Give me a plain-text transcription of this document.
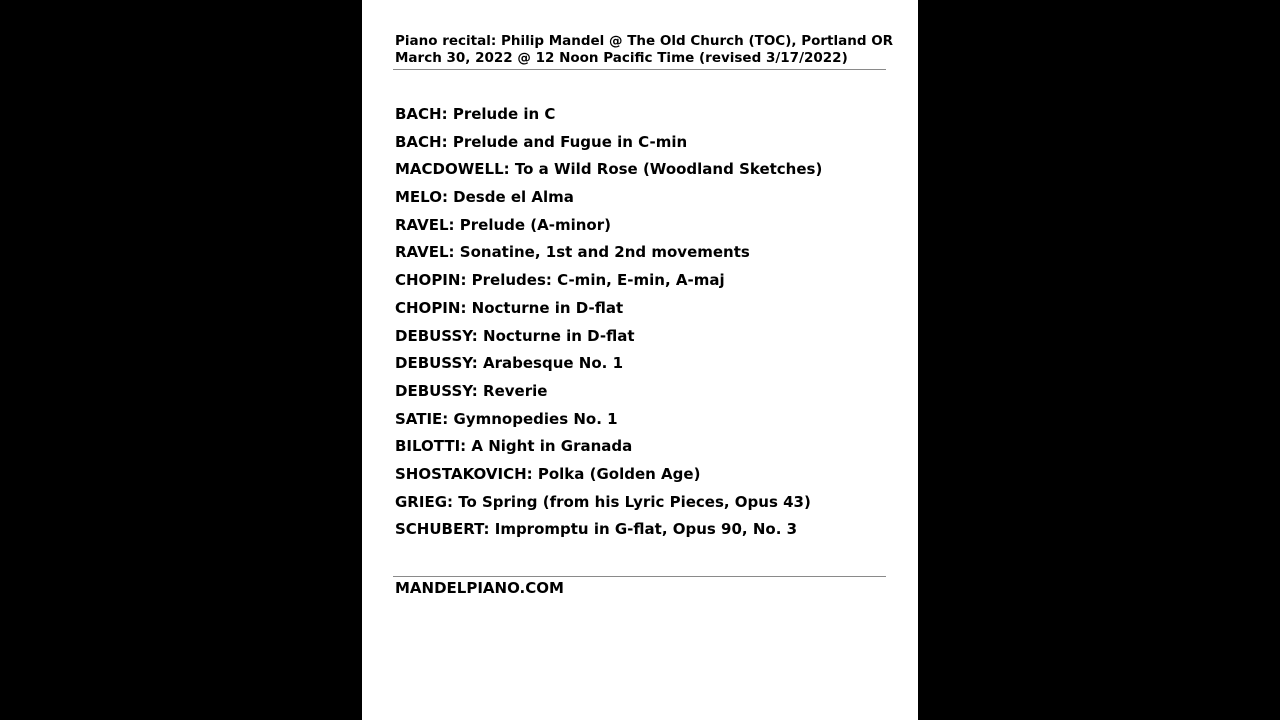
Piano recital: Philip Mandel @ The Old Church (TOC), Portland OR
March 30, 2022 @ 12 Noon Pacific Time (revised 3/17/2022)
BACH: Prelude in C
BACH: Prelude and Fugue in C-min
MACDOWELL: To a Wild Rose (Woodland Sketches)
MELO: Desde el Alma
RAVEL: Prelude (A-minor)
RAVEL: Sonatine, 1st and 2nd movements
CHOPIN: Preludes: C-min, E-min, A-maj
CHOPIN: Nocturne in D-flat
DEBUSSY: Nocturne in D-flat
DEBUSSY: Arabesque No. 1
DEBUSSY: Reverie
SATIE: Gymnopedies No. 1
BILOTTI: A Night in Granada
SHOSTAKOVICH: Polka (Golden Age)
GRIEG: To Spring (from his Lyric Pieces, Opus 43)
SCHUBERT: Impromptu in G-flat, Opus 90, No. 3
MANDELPIANO.COM
